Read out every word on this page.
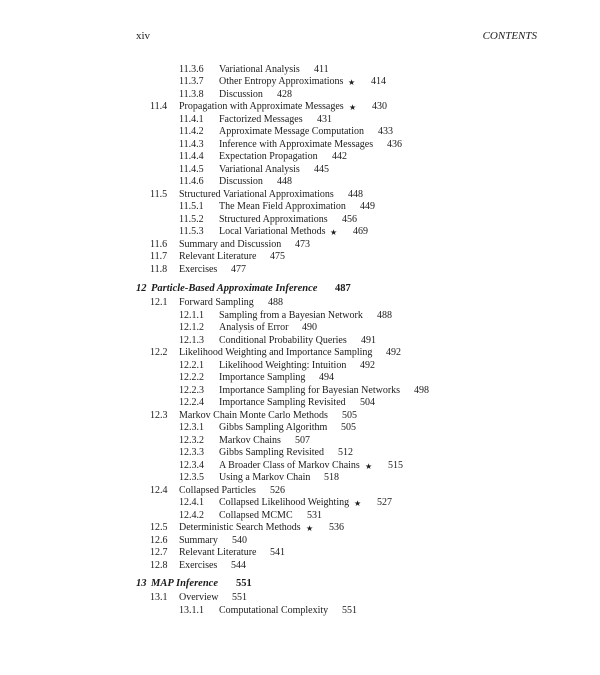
xiv	CONTENTS
11.3.6 Variational Analysis 411
11.3.7 Other Entropy Approximations ★ 414
11.3.8 Discussion 428
11.4 Propagation with Approximate Messages ★ 430
11.4.1 Factorized Messages 431
11.4.2 Approximate Message Computation 433
11.4.3 Inference with Approximate Messages 436
11.4.4 Expectation Propagation 442
11.4.5 Variational Analysis 445
11.4.6 Discussion 448
11.5 Structured Variational Approximations 448
11.5.1 The Mean Field Approximation 449
11.5.2 Structured Approximations 456
11.5.3 Local Variational Methods ★ 469
11.6 Summary and Discussion 473
11.7 Relevant Literature 475
11.8 Exercises 477
12 Particle-Based Approximate Inference 487
12.1 Forward Sampling 488
12.1.1 Sampling from a Bayesian Network 488
12.1.2 Analysis of Error 490
12.1.3 Conditional Probability Queries 491
12.2 Likelihood Weighting and Importance Sampling 492
12.2.1 Likelihood Weighting: Intuition 492
12.2.2 Importance Sampling 494
12.2.3 Importance Sampling for Bayesian Networks 498
12.2.4 Importance Sampling Revisited 504
12.3 Markov Chain Monte Carlo Methods 505
12.3.1 Gibbs Sampling Algorithm 505
12.3.2 Markov Chains 507
12.3.3 Gibbs Sampling Revisited 512
12.3.4 A Broader Class of Markov Chains ★ 515
12.3.5 Using a Markov Chain 518
12.4 Collapsed Particles 526
12.4.1 Collapsed Likelihood Weighting ★ 527
12.4.2 Collapsed MCMC 531
12.5 Deterministic Search Methods ★ 536
12.6 Summary 540
12.7 Relevant Literature 541
12.8 Exercises 544
13 MAP Inference 551
13.1 Overview 551
13.1.1 Computational Complexity 551
